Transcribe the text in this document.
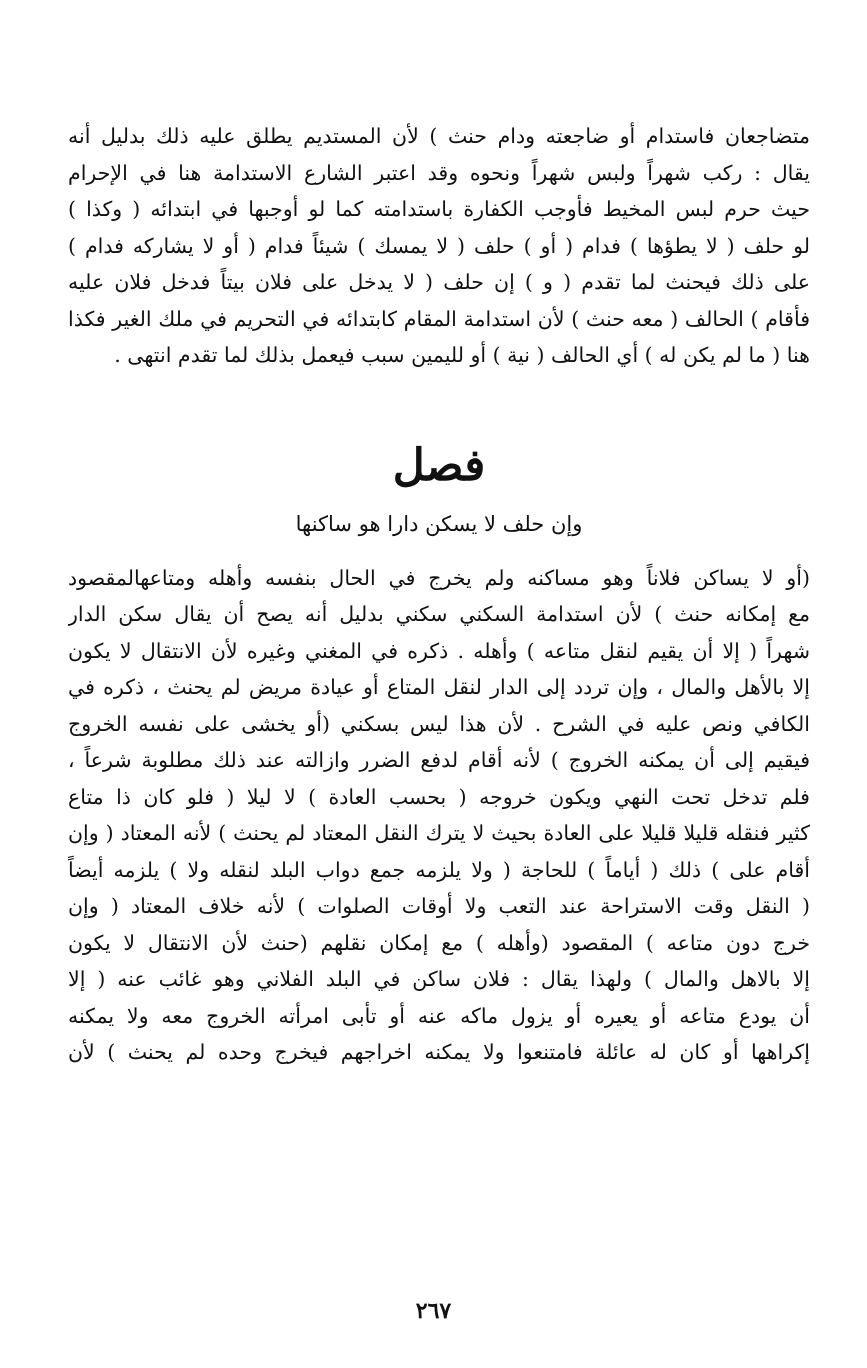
متضاجعان فاستدام أو ضاجعته ودام حنث ) لأن المستديم يطلق عليه ذلك بدليل أنه
يقال : ركب شهراً ولبس شهراً ونحوه وقد اعتبر الشارع الاستدامة هنا في الإحرام
حيث حرم لبس المخيط فأوجب الكفارة باستدامته كما لو أوجبها في ابتدائه ( وكذا )
لو حلف ( لا يطؤها ) فدام ( أو ) حلف ( لا يمسك ) شيئاً فدام ( أو لا يشاركه فدام )
على ذلك فيحنث لما تقدم ( و ) إن حلف ( لا يدخل على فلان بيتاً فدخل فلان عليه
فأقام ) الحالف ( معه حنث ) لأن استدامة المقام كابتدائه في التحريم في ملك الغير فكذا
هنا ( ما لم يكن له ) أي الحالف ( نية ) أو لليمين سبب فيعمل بذلك لما تقدم انتهى .
فصل
وإن حلف لا يسكن دارا هو ساكنها
(أو لا يساكن فلاناً وهو مساكنه ولم يخرج في الحال بنفسه وأهله ومتاعهالمقصود
مع إمكانه حنث ) لأن استدامة السكني سكني بدليل أنه يصح أن يقال سكن الدار
شهراً ( إلا أن يقيم لنقل متاعه ) وأهله . ذكره في المغني وغيره لأن الانتقال لا يكون
إلا بالأهل والمال ، وإن تردد إلى الدار لنقل المتاع أو عيادة مريض لم يحنث ، ذكره في
الكافي ونص عليه في الشرح . لأن هذا ليس بسكني (أو يخشى على نفسه الخروج
فيقيم إلى أن يمكنه الخروج ) لأنه أقام لدفع الضرر وازالته عند ذلك مطلوبة شرعاً ،
فلم تدخل تحت النهي ويكون خروجه ( بحسب العادة ) لا ليلا ( فلو كان ذا متاع
كثير فنقله قليلا قليلا على العادة بحيث لا يترك النقل المعتاد لم يحنث ) لأنه المعتاد ( وإن
أقام على ) ذلك ( أياماً ) للحاجة ( ولا يلزمه جمع دواب البلد لنقله ولا ) يلزمه أيضاً
( النقل وقت الاستراحة عند التعب ولا أوقات الصلوات ) لأنه خلاف المعتاد ( وإن
خرج دون متاعه ) المقصود (وأهله ) مع إمكان نقلهم (حنث لأن الانتقال لا يكون
إلا بالاهل والمال ) ولهذا يقال : فلان ساكن في البلد الفلاني وهو غائب عنه ( إلا
أن يودع متاعه أو يعيره أو يزول ماكه عنه أو تأبى امرأته الخروج معه ولا يمكنه
إكراهها أو كان له عائلة فامتنعوا ولا يمكنه اخراجهم فيخرج وحده لم يحنث ) لأن
٢٦٧
